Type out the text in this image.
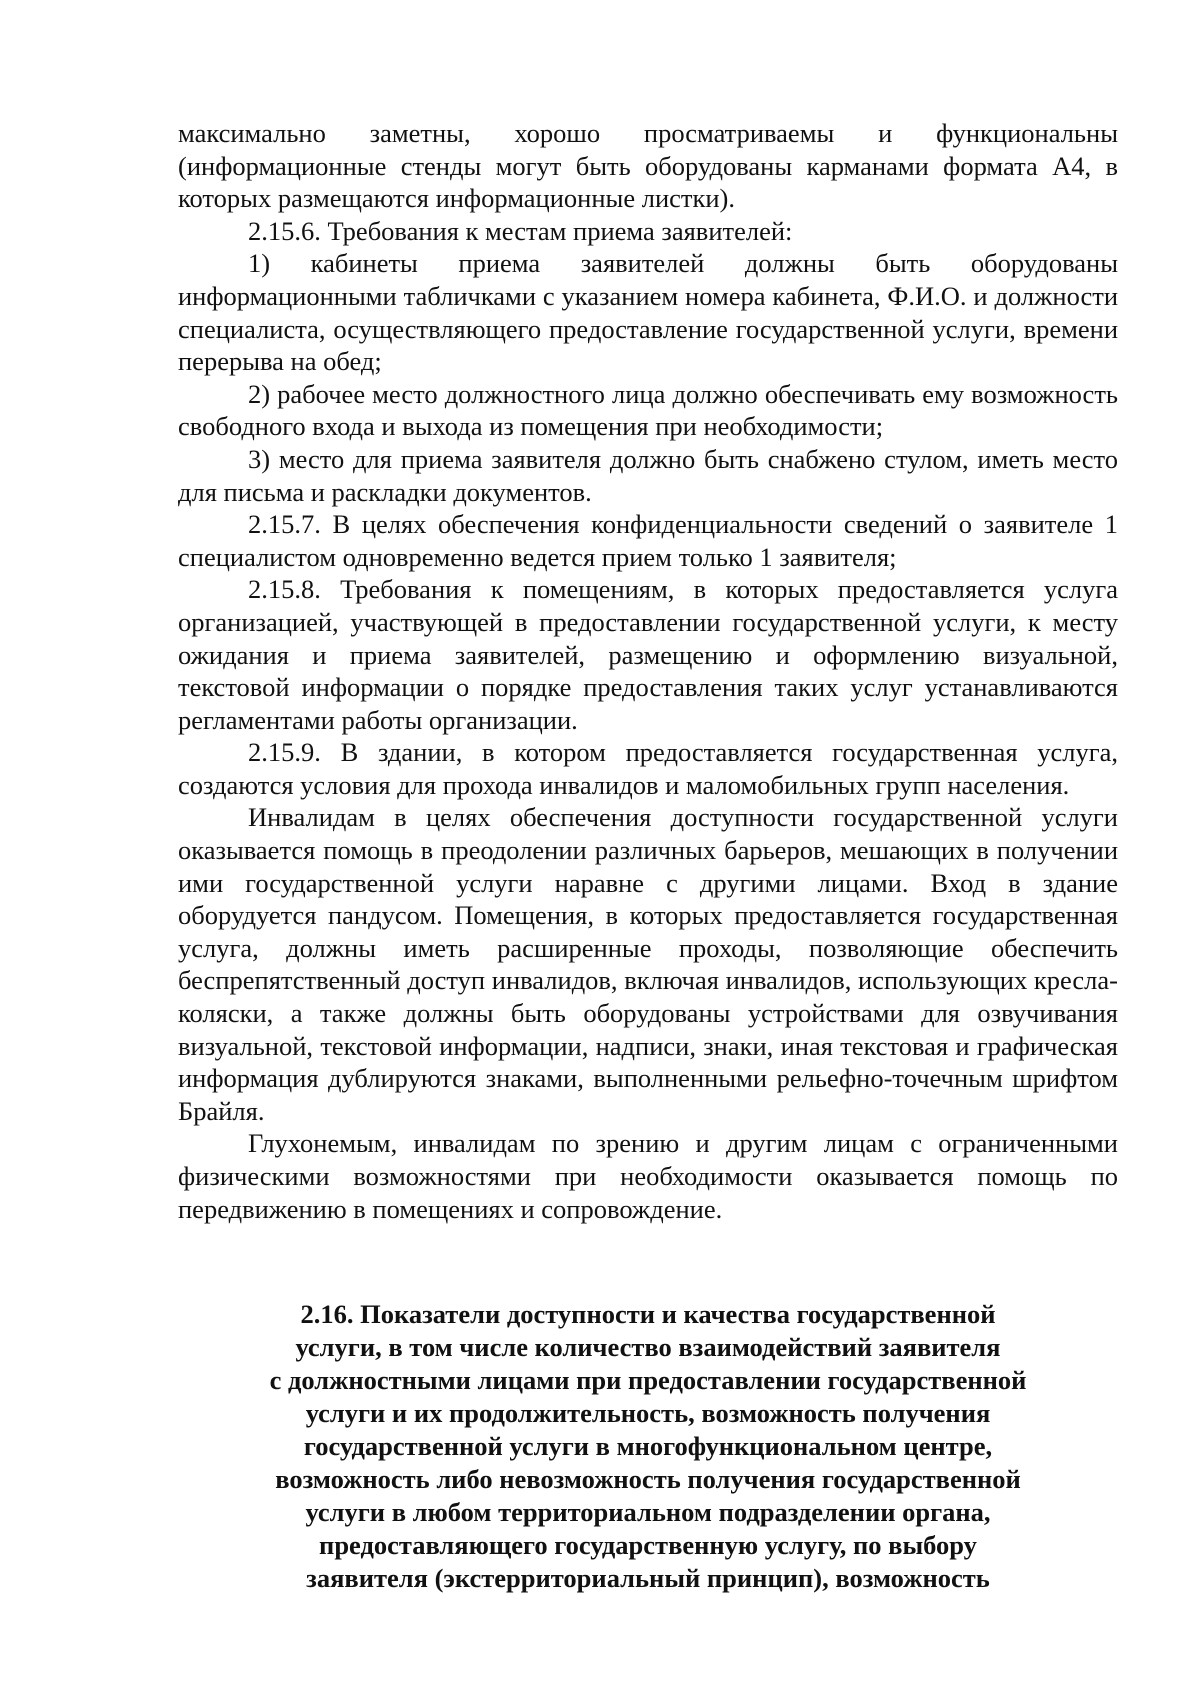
максимально заметны, хорошо просматриваемы и функциональны (информационные стенды могут быть оборудованы карманами формата А4, в которых размещаются информационные листки).

2.15.6. Требования к местам приема заявителей:

1) кабинеты приема заявителей должны быть оборудованы информационными табличками с указанием номера кабинета, Ф.И.О. и должности специалиста, осуществляющего предоставление государственной услуги, времени перерыва на обед;

2) рабочее место должностного лица должно обеспечивать ему возможность свободного входа и выхода из помещения при необходимости;

3) место для приема заявителя должно быть снабжено стулом, иметь место для письма и раскладки документов.

2.15.7. В целях обеспечения конфиденциальности сведений о заявителе 1 специалистом одновременно ведется прием только 1 заявителя;

2.15.8. Требования к помещениям, в которых предоставляется услуга организацией, участвующей в предоставлении государственной услуги, к месту ожидания и приема заявителей, размещению и оформлению визуальной, текстовой информации о порядке предоставления таких услуг устанавливаются регламентами работы организации.

2.15.9. В здании, в котором предоставляется государственная услуга, создаются условия для прохода инвалидов и маломобильных групп населения.

Инвалидам в целях обеспечения доступности государственной услуги оказывается помощь в преодолении различных барьеров, мешающих в получении ими государственной услуги наравне с другими лицами. Вход в здание оборудуется пандусом. Помещения, в которых предоставляется государственная услуга, должны иметь расширенные проходы, позволяющие обеспечить беспрепятственный доступ инвалидов, включая инвалидов, использующих кресла-коляски, а также должны быть оборудованы устройствами для озвучивания визуальной, текстовой информации, надписи, знаки, иная текстовая и графическая информация дублируются знаками, выполненными рельефно-точечным шрифтом Брайля.

Глухонемым, инвалидам по зрению и другим лицам с ограниченными физическими возможностями при необходимости оказывается помощь по передвижению в помещениях и сопровождение.

2.16. Показатели доступности и качества государственной
услуги, в том числе количество взаимодействий заявителя
с должностными лицами при предоставлении государственной
услуги и их продолжительность, возможность получения
государственной услуги в многофункциональном центре,
возможность либо невозможность получения государственной
услуги в любом территориальном подразделении органа,
предоставляющего государственную услугу, по выбору
заявителя (экстерриториальный принцип), возможность
